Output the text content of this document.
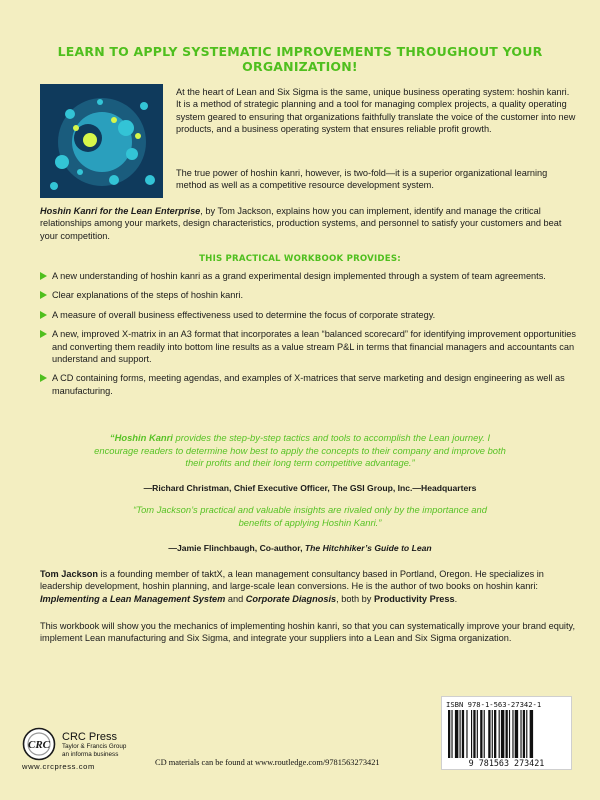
LEARN TO APPLY SYSTEMATIC IMPROVEMENTS THROUGHOUT YOUR ORGANIZATION!

At the heart of Lean and Six Sigma is the same, unique business operating system: hoshin kanri. It is a method of strategic planning and a tool for managing complex projects, a quality operating system geared to ensuring that organizations faithfully translate the voice of the customer into new products, and a business operating system that ensures reliable profit growth.

The true power of hoshin kanri, however, is two-fold—it is a superior organizational learning method as well as a competitive resource development system.

Hoshin Kanri for the Lean Enterprise, by Tom Jackson, explains how you can implement, identify and manage the critical relationships among your markets, design characteristics, production systems, and personnel to satisfy your customers and beat your competition.

THIS PRACTICAL WORKBOOK PROVIDES:
A new understanding of hoshin kanri as a grand experimental design implemented through a system of team agreements.
Clear explanations of the steps of hoshin kanri.
A measure of overall business effectiveness used to determine the focus of corporate strategy.
A new, improved X-matrix in an A3 format that incorporates a lean “balanced scorecard” for identifying improvement opportunities and converting them readily into bottom line results as a value stream P&L in terms that financial managers and accountants can understand and support.
A CD containing forms, meeting agendas, and examples of X-matrices that serve marketing and design engineering as well as manufacturing.

“Hoshin Kanri provides the step-by-step tactics and tools to accomplish the Lean journey. I encourage readers to determine how best to apply the concepts to their company and improve both their profits and their long term competitive advantage.”

—Richard Christman, Chief Executive Officer, The GSI Group, Inc.—Headquarters

“Tom Jackson’s practical and valuable insights are rivaled only by the importance and benefits of applying Hoshin Kanri.”

—Jamie Flinchbaugh, Co-author, The Hitchhiker’s Guide to Lean

Tom Jackson is a founding member of taktX, a lean management consultancy based in Portland, Oregon. He specializes in leadership development, hoshin planning, and large-scale lean conversions. He is the author of two books on hoshin kanri: Implementing a Lean Management System and Corporate Diagnosis, both by Productivity Press.

This workbook will show you the mechanics of implementing hoshin kanri, so that you can systematically improve your brand equity, implement Lean manufacturing and Six Sigma, and integrate your suppliers into a Lean and Six Sigma organization.

ISBN 978-1-563-27342-1
9 781563 273421
CRC
CRC Press
Taylor & Francis Group
an informa business
www.crcpress.com	CD materials can be found at www.routledge.com/9781563273421
